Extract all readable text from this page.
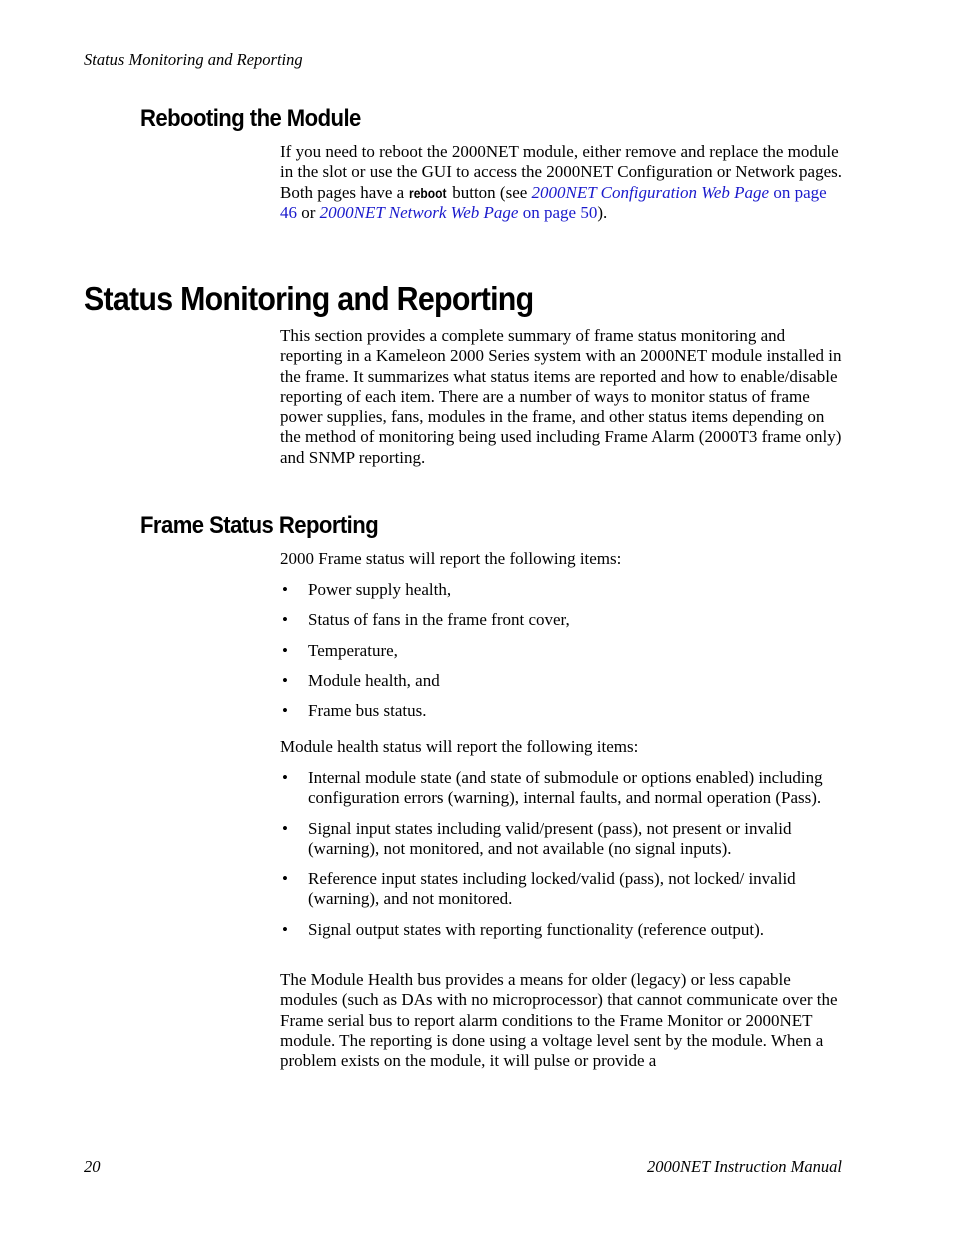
Status Monitoring and Reporting
Rebooting the Module

If you need to reboot the 2000NET module, either remove and replace the module in the slot or use the GUI to access the 2000NET Configuration or Network pages. Both pages have a reboot button (see 2000NET Configuration Web Page on page 46 or 2000NET Network Web Page on page 50).

Status Monitoring and Reporting

This section provides a complete summary of frame status monitoring and reporting in a Kameleon 2000 Series system with an 2000NET module installed in the frame. It summarizes what status items are reported and how to enable/disable reporting of each item. There are a number of ways to monitor status of frame power supplies, fans, modules in the frame, and other status items depending on the method of monitoring being used including Frame Alarm (2000T3 frame only) and SNMP reporting.

Frame Status Reporting

2000 Frame status will report the following items:

• Power supply health,
• Status of fans in the frame front cover,
• Temperature,
• Module health, and
• Frame bus status.

Module health status will report the following items:

• Internal module state (and state of submodule or options enabled) including configuration errors (warning), internal faults, and normal operation (Pass).
• Signal input states including valid/present (pass), not present or invalid (warning), not monitored, and not available (no signal inputs).
• Reference input states including locked/valid (pass), not locked/ invalid (warning), and not monitored.
• Signal output states with reporting functionality (reference output).

The Module Health bus provides a means for older (legacy) or less capable modules (such as DAs with no microprocessor) that cannot communicate over the Frame serial bus to report alarm conditions to the Frame Monitor or 2000NET module. The reporting is done using a voltage level sent by the module. When a problem exists on the module, it will pulse or provide a

20	2000NET Instruction Manual
